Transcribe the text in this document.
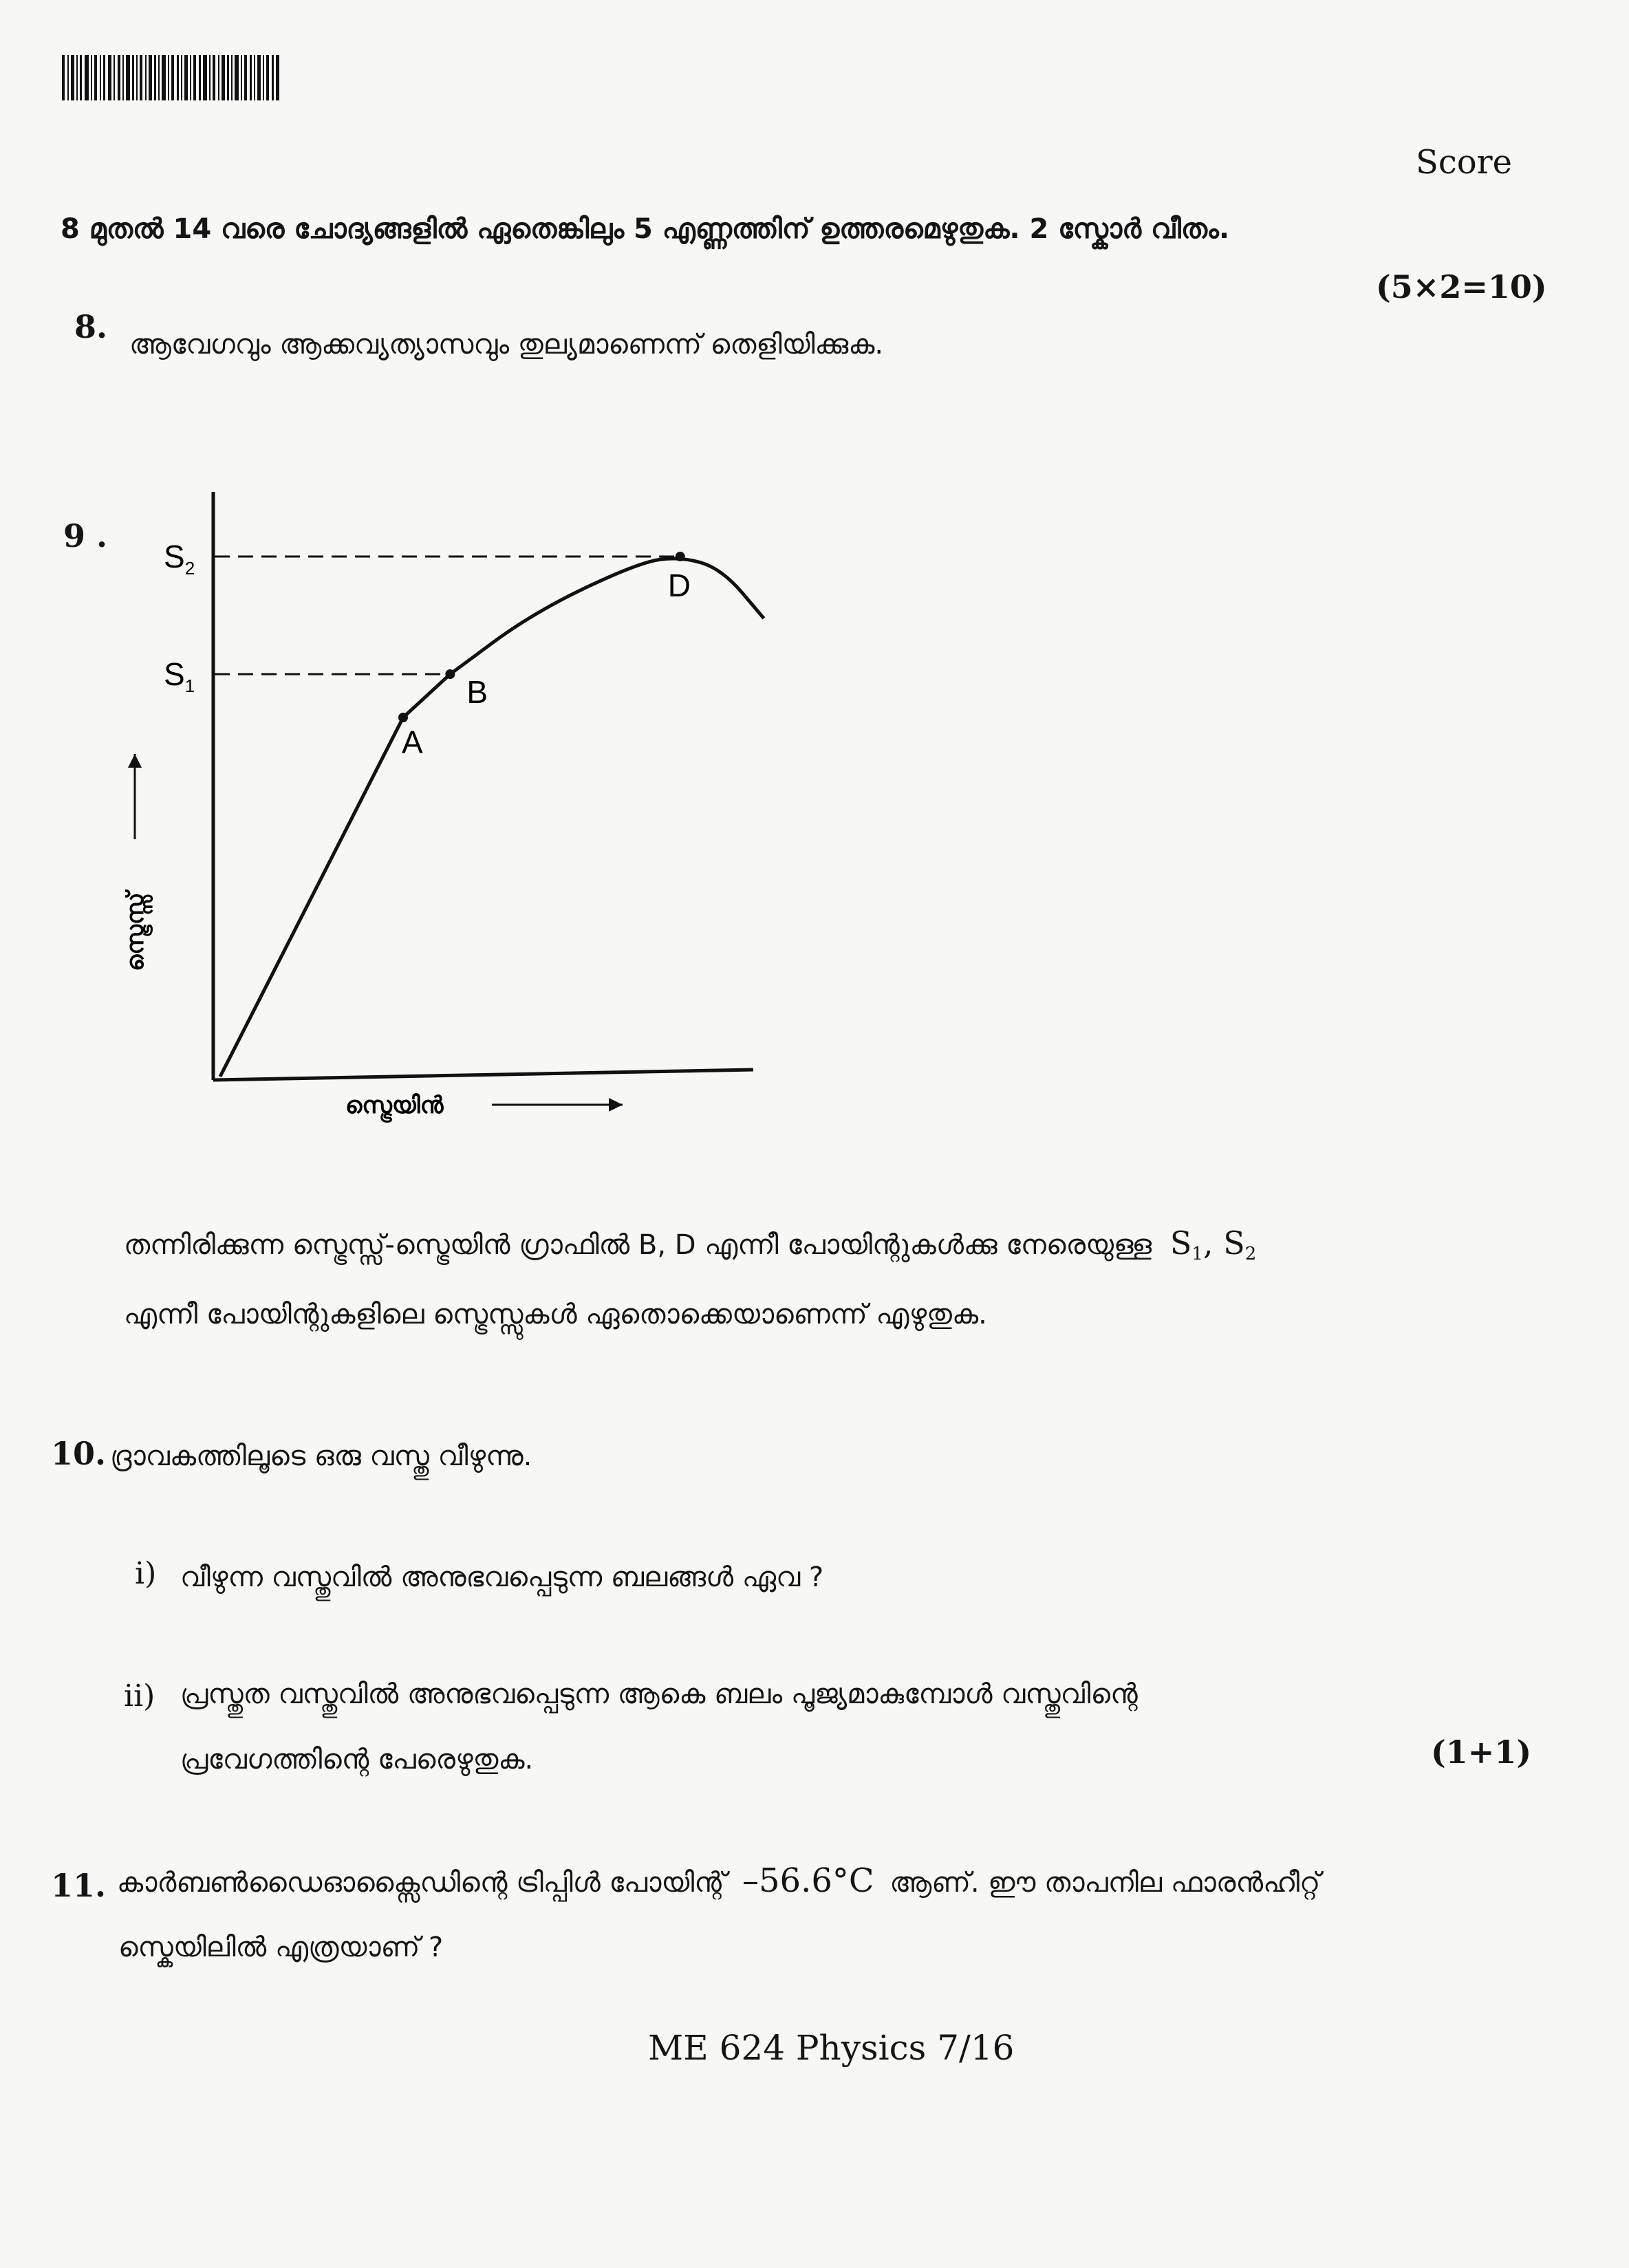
Score
8 മുതൽ 14 വരെ ചോദ്യങ്ങളിൽ ഏതെങ്കിലും 5 എണ്ണത്തിന് ഉത്തരമെഴുതുക. 2 സ്കോർ വീതം.
(5×2=10)
8. ആവേഗവും ആക്കവ്യത്യാസവും തുല്യമാണെന്ന് തെളിയിക്കുക.
9 .
A
B
D
$S_2$
$S_1$
സ്ട്രെയിൻ
സ്ട്രെസ്സ്
തന്നിരിക്കുന്ന സ്ട്രെസ്സ്-സ്ട്രെയിൻ ഗ്രാഫിൽ B, D എന്നീ പോയിന്റുകൾക്കു നേരെയുള്ള $S_1$, $S_2$
എന്നീ പോയിന്റുകളിലെ സ്ട്രെസ്സുകൾ ഏതൊക്കെയാണെന്ന് എഴുതുക.
10. ദ്രാവകത്തിലൂടെ ഒരു വസ്തു വീഴുന്നു.
i) വീഴുന്ന വസ്തുവിൽ അനുഭവപ്പെടുന്ന ബലങ്ങൾ ഏവ ?
ii) പ്രസ്തുത വസ്തുവിൽ അനുഭവപ്പെടുന്ന ആകെ ബലം പൂജ്യമാകുമ്പോൾ വസ്തുവിന്റെ
പ്രവേഗത്തിന്റെ പേരെഴുതുക.	(1+1)
11. കാർബൺഡൈഓക്സൈഡിന്റെ ട്രിപ്പിൾ പോയിന്റ് –56.6°C ആണ്. ഈ താപനില ഫാരൻഹീറ്റ്
സ്കെയിലിൽ എത്രയാണ് ?
ME 624 Physics 7/16
